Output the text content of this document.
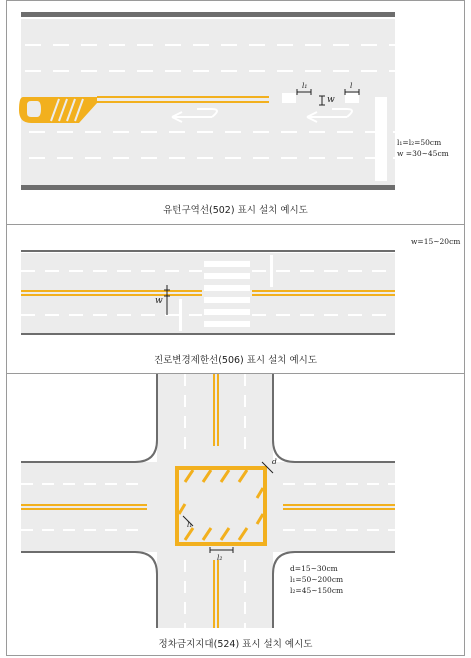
l₁	l
w
l₁=l₂=50cm
w =30~45cm
유턴구역선(502) 표시 설치 예시도
w
w=15~20cm
진로변경제한선(506) 표시 설치 예시도
d
l₁
l₂
d=15~30cm
l₁=50~200cm
l₂=45~150cm
정차금지지대(524) 표시 설치 예시도
